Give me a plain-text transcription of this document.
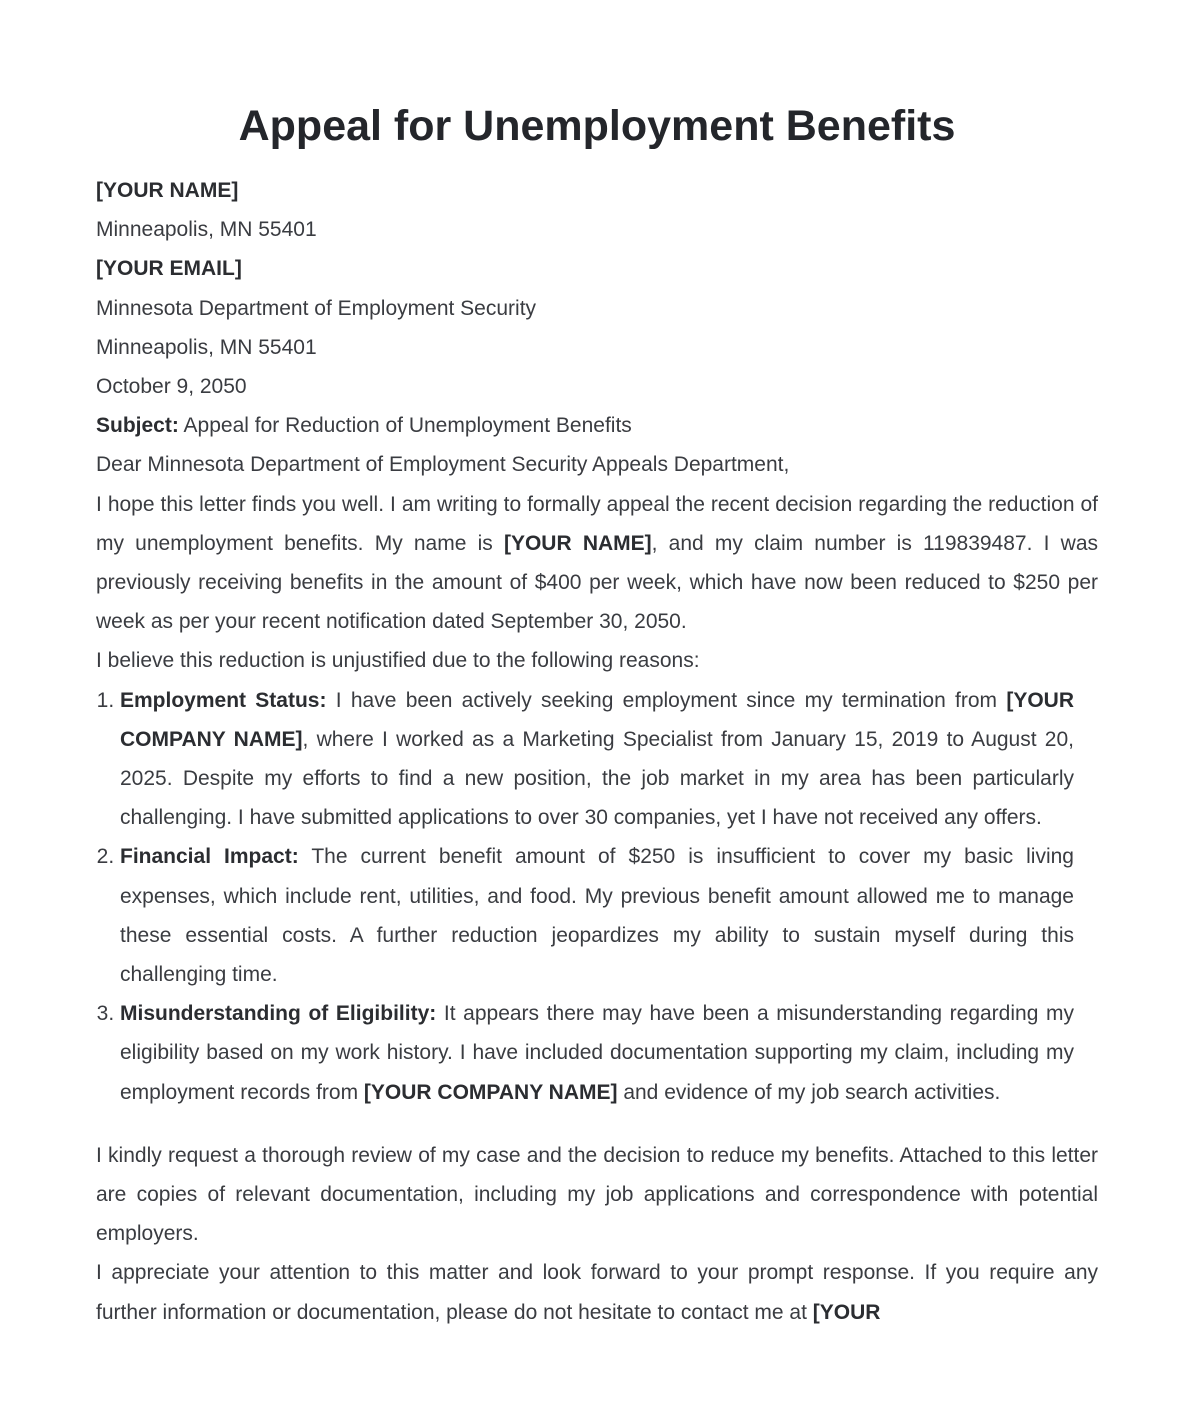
Appeal for Unemployment Benefits

[YOUR NAME]

Minneapolis, MN 55401

[YOUR EMAIL]

Minnesota Department of Employment Security

Minneapolis, MN 55401

October 9, 2050

Subject: Appeal for Reduction of Unemployment Benefits

Dear Minnesota Department of Employment Security Appeals Department,

I hope this letter finds you well. I am writing to formally appeal the recent decision regarding the reduction of my unemployment benefits. My name is [YOUR NAME], and my claim number is 119839487. I was previously receiving benefits in the amount of $400 per week, which have now been reduced to $250 per week as per your recent notification dated September 30, 2050.

I believe this reduction is unjustified due to the following reasons:

1. Employment Status: I have been actively seeking employment since my termination from [YOUR COMPANY NAME], where I worked as a Marketing Specialist from January 15, 2019 to August 20, 2025. Despite my efforts to find a new position, the job market in my area has been particularly challenging. I have submitted applications to over 30 companies, yet I have not received any offers.
2. Financial Impact: The current benefit amount of $250 is insufficient to cover my basic living expenses, which include rent, utilities, and food. My previous benefit amount allowed me to manage these essential costs. A further reduction jeopardizes my ability to sustain myself during this challenging time.
3. Misunderstanding of Eligibility: It appears there may have been a misunderstanding regarding my eligibility based on my work history. I have included documentation supporting my claim, including my employment records from [YOUR COMPANY NAME] and evidence of my job search activities.

I kindly request a thorough review of my case and the decision to reduce my benefits. Attached to this letter are copies of relevant documentation, including my job applications and correspondence with potential employers.

I appreciate your attention to this matter and look forward to your prompt response. If you require any further information or documentation, please do not hesitate to contact me at [YOUR
